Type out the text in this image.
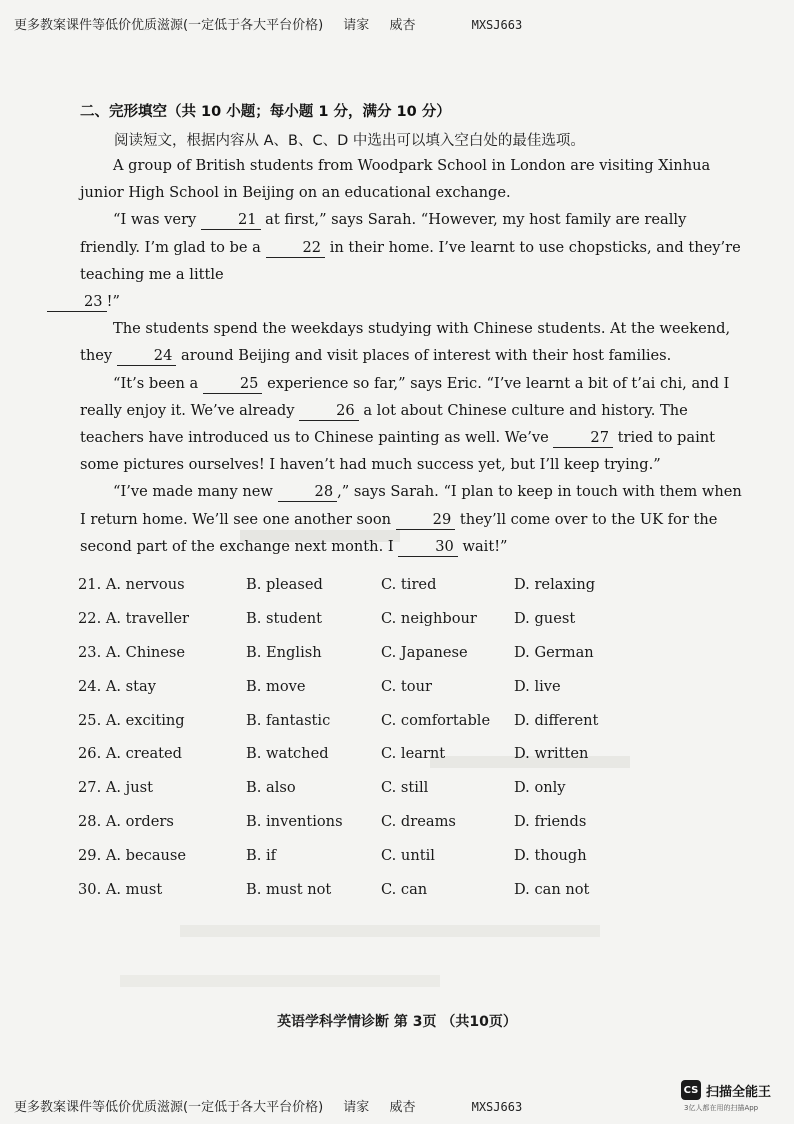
更多教案课件等低价优质滋源(一定低于各大平台价格) 请家 威杏	MXSJ663
二、完形填空（共 10 小题；每小题 1 分，满分 10 分）
阅读短文，根据内容从 A、B、C、D 中选出可以填入空白处的最佳选项。

A group of British students from Woodpark School in London are visiting Xinhua junior High School in Beijing on an educational exchange.

“I was very	21 at first,” says Sarah. “However, my host family are really friendly. I’m glad to be a	22 in their home. I’ve learnt to use chopsticks, and they’re teaching me a little
23 !”

The students spend the weekdays studying with Chinese students. At the weekend, they	24 around Beijing and visit places of interest with their host families.

“It’s been a	25 experience so far,” says Eric. “I’ve learnt a bit of t’ai chi, and I really enjoy it. We’ve already	26 a lot about Chinese culture and history. The teachers have introduced us to Chinese painting as well. We’ve	27 tried to paint some pictures ourselves! I haven’t had much success yet, but I’ll keep trying.”

“I’ve made many new	28 ,” says Sarah. “I plan to keep in touch with them when I return home. We’ll see one another soon	29 they’ll come over to the UK for the second part of the exchange next month. I	30 wait!”

21. A. nervous	B. pleased	C. tired	D. relaxing
22. A. traveller	B. student	C. neighbour	D. guest
23. A. Chinese	B. English	C. Japanese	D. German
24. A. stay	B. move	C. tour	D. live
25. A. exciting	B. fantastic	C. comfortable	D. different
26. A. created	B. watched	C. learnt	D. written
27. A. just	B. also	C. still	D. only
28. A. orders	B. inventions	C. dreams	D. friends
29. A. because	B. if	C. until	D. though
30. A. must	B. must not	C. can	D. can not
英语学科学情诊断 第 3页 （共10页）
更多教案课件等低价优质滋源(一定低于各大平台价格) 请家 威杏	MXSJ663
CS 扫描全能王
3亿人都在用的扫描App
